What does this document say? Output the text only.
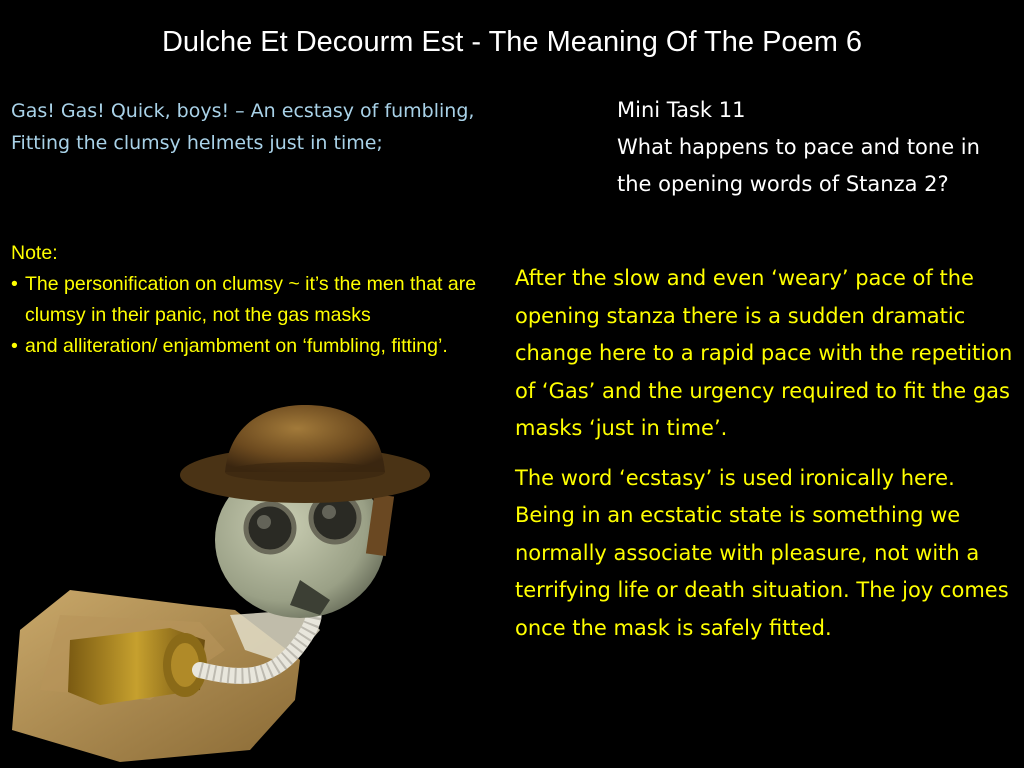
Dulche Et Decourm Est - The Meaning Of The Poem 6
Gas! Gas! Quick, boys! – An ecstasy of fumbling,
Fitting the clumsy helmets just in time;
Note:
• The personification on clumsy ~ it’s the men that are clumsy in their panic, not the gas masks
• and alliteration/ enjambment on ‘fumbling, fitting’.
Mini Task 11
What happens to pace and tone in the opening words of Stanza 2?

After the slow and even ‘weary’ pace of the opening stanza there is a sudden dramatic change here to a rapid pace with the repetition of ‘Gas’ and the urgency required to fit the gas masks ‘just in time’.

The word ‘ecstasy’ is used ironically here. Being in an ecstatic state is something we normally associate with pleasure, not with a terrifying life or death situation. The joy comes once the mask is safely fitted.
